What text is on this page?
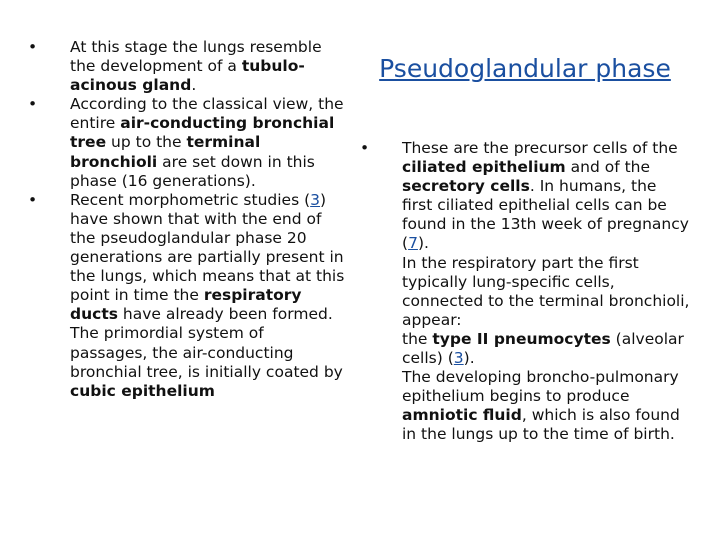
•	At this stage the lungs resemble the development of a tubulo-acinous gland.
•	According to the classical view, the entire air-conducting bronchial tree up to the terminal bronchioli are set down in this phase (16 generations).
•	Recent morphometric studies (3) have shown that with the end of the pseudoglandular phase 20 generations are partially present in the lungs, which means that at this point in time the respiratory ducts have already been formed. The primordial system of passages, the air-conducting bronchial tree, is initially coated by cubic epithelium
Pseudoglandular phase
•	These are the precursor cells of the ciliated epithelium and of the secretory cells. In humans, the first ciliated epithelial cells can be found in the 13th week of pregnancy (7).
In the respiratory part the first typically lung-specific cells, connected to the terminal bronchioli, appear:
the type II pneumocytes (alveolar cells) (3).
The developing broncho-pulmonary epithelium begins to produce amniotic fluid, which is also found in the lungs up to the time of birth.
